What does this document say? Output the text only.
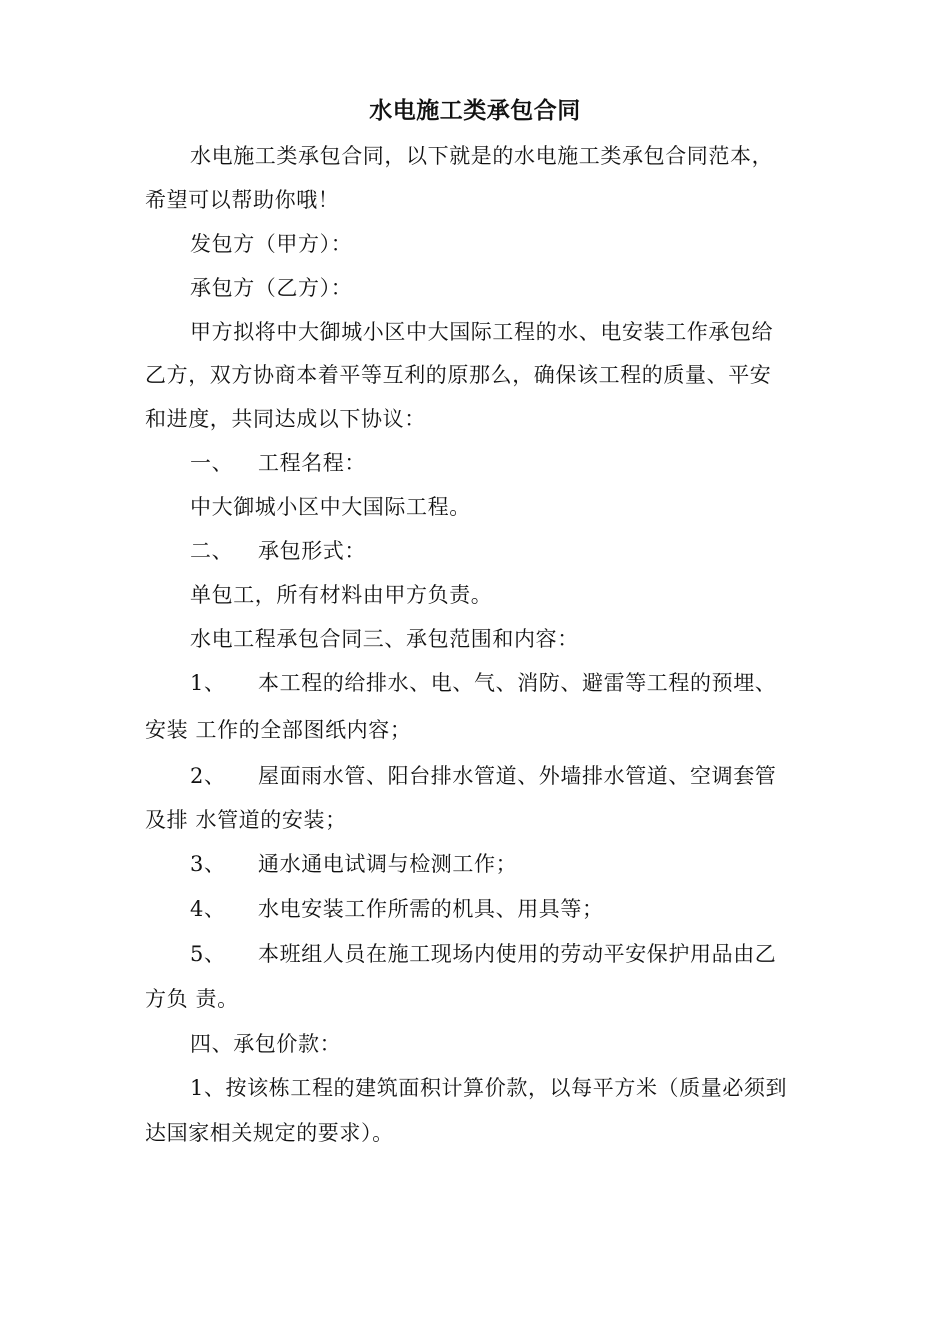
水电施工类承包合同
水电施工类承包合同，以下就是的水电施工类承包合同范本，
希望可以帮助你哦！
发包方（甲方）：
承包方（乙方）：
甲方拟将中大御城小区中大国际工程的水、电安装工作承包给
乙方，双方协商本着平等互利的原那么，确保该工程的质量、平安
和进度，共同达成以下协议：
一、 工程名程：
中大御城小区中大国际工程。
二、 承包形式：
单包工，所有材料由甲方负责。
水电工程承包合同三、承包范围和内容：
1、 本工程的给排水、电、气、消防、避雷等工程的预埋、
安装 工作的全部图纸内容；
2、 屋面雨水管、阳台排水管道、外墙排水管道、空调套管
及排 水管道的安装；
3、 通水通电试调与检测工作；
4、 水电安装工作所需的机具、用具等；
5、 本班组人员在施工现场内使用的劳动平安保护用品由乙
方负 责。
四、承包价款：
1、按该栋工程的建筑面积计算价款，以每平方米（质量必须到
达国家相关规定的要求）。
